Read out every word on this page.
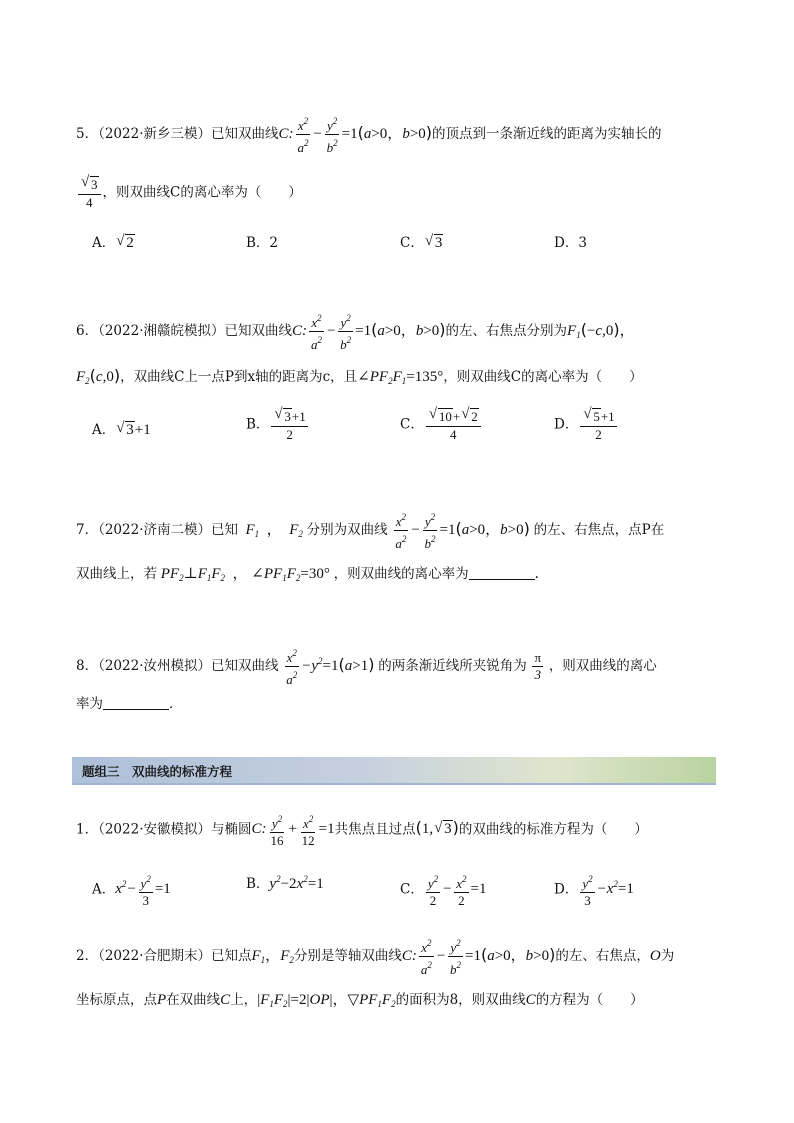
5．（2022·新乡三模）已知双曲线C: $\frac{x^2}{a^2} - \frac{y^2}{b^2} =1(a>0$，b>0)的顶点到一条渐近线的距离为实轴长的
√ $\frac{3}{4}$ ，则双曲线C的离心率为（　　）
A． √ 2	B．2	C． √ 3	D．3
6．（2022·湘赣皖模拟）已知双曲线C: $\frac{x^2}{a^2} - \frac{y^2}{b^2} =1(a>0$，b>0)的左、右焦点分别为$F_1(-c,0)$，
$F_2(c,0)$，双曲线C上一点P到x轴的距离为c，且$\angle PF_2F_1=135^\circ$，则双曲线C的离心率为（　　）
A． √ 3+1	B． √ $\frac{3+1}{2}$	C． √ $\frac{10+ √ 2}{4}$	D． √ $\frac{5+1}{2}$
7．（2022·济南二模）已知 $F_1$ ， $F_2$ 分别为双曲线 $\frac{x^2}{a^2} - \frac{y^2}{b^2} =1(a>0$，b>0) 的左、右焦点，点P在
双曲线上，若 $PF_2\perp F_1F_2$ ， $\angle PF_1F_2=30^\circ$ ，则双曲线的离心率为	.
8．（2022·汝州模拟）已知双曲线 $\frac{x^2}{a^2} -y^2=1(a>1)$ 的两条渐近线所夹锐角为 $\frac{\pi}{3}$ ，则双曲线的离心
率为	．
题组三　双曲线的标准方程
1．（2022·安徽模拟）与椭圆C: $\frac{y^2}{16} + \frac{x^2}{12} =1$共焦点且过点(1, √ 3)的双曲线的标准方程为（　　）
A．$x^2- \frac{y^2}{3} =1$	B．$y^2-2x^2=1$	C． $\frac{y^2}{2} - \frac{x^2}{2} =1$	D． $\frac{y^2}{3} -x^2=1$
2．（2022·合肥期末）已知点$F_1$，$F_2$分别是等轴双曲线C: $\frac{x^2}{a^2} - \frac{y^2}{b^2} =1(a>0$，b>0)的左、右焦点，O为
坐标原点，点P在双曲线C上，$|F_1F_2|=2|OP|$，$▽PF_1F_2$的面积为8，则双曲线C的方程为（　　）
